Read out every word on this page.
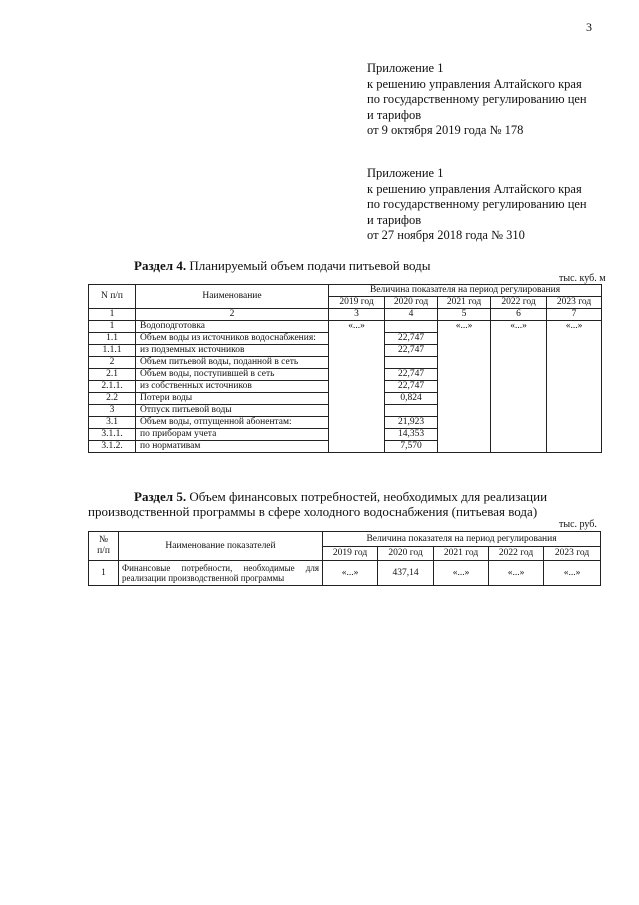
3
Приложение 1
к решению управления Алтайского края
по государственному регулированию цен
и тарифов
от 9 октября 2019 года № 178
Приложение 1
к решению управления Алтайского края
по государственному регулированию цен
и тарифов
от 27 ноября 2018 года № 310
Раздел 4. Планируемый объем подачи питьевой воды
тыс. куб. м
N п/п	Наименование	Величина показателя на период регулирования				
		2019 год	2020 год	2021 год	2022 год	2023 год
1	2	3	4	5	6	7
1	Водоподготовка	«...»		«...»	«...»	«...»
1.1	Объем воды из источников водоснабжения:		22,747			
1.1.1	из подземных источников		22,747			
2	Объем питьевой воды, поданной в сеть					
2.1	Объем воды, поступившей в сеть		22,747			
2.1.1.	из собственных источников		22,747			
2.2	Потери воды		0,824			
3	Отпуск питьевой воды					
3.1	Объем воды, отпущенной абонентам:		21,923			
3.1.1.	по приборам учета		14,353			
3.1.2.	по нормативам		7,570			
Раздел 5. Объем финансовых потребностей, необходимых для реализации
производственной программы в сфере холодного водоснабжения (питьевая вода)
тыс. руб.
№
п/п	Наименование показателей	Величина показателя на период регулирования				
		2019 год	2020 год	2021 год	2022 год	2023 год
1	Финансовые потребности, необходимые для реализации производственной программы	«...»	437,14	«...»	«...»	«...»
